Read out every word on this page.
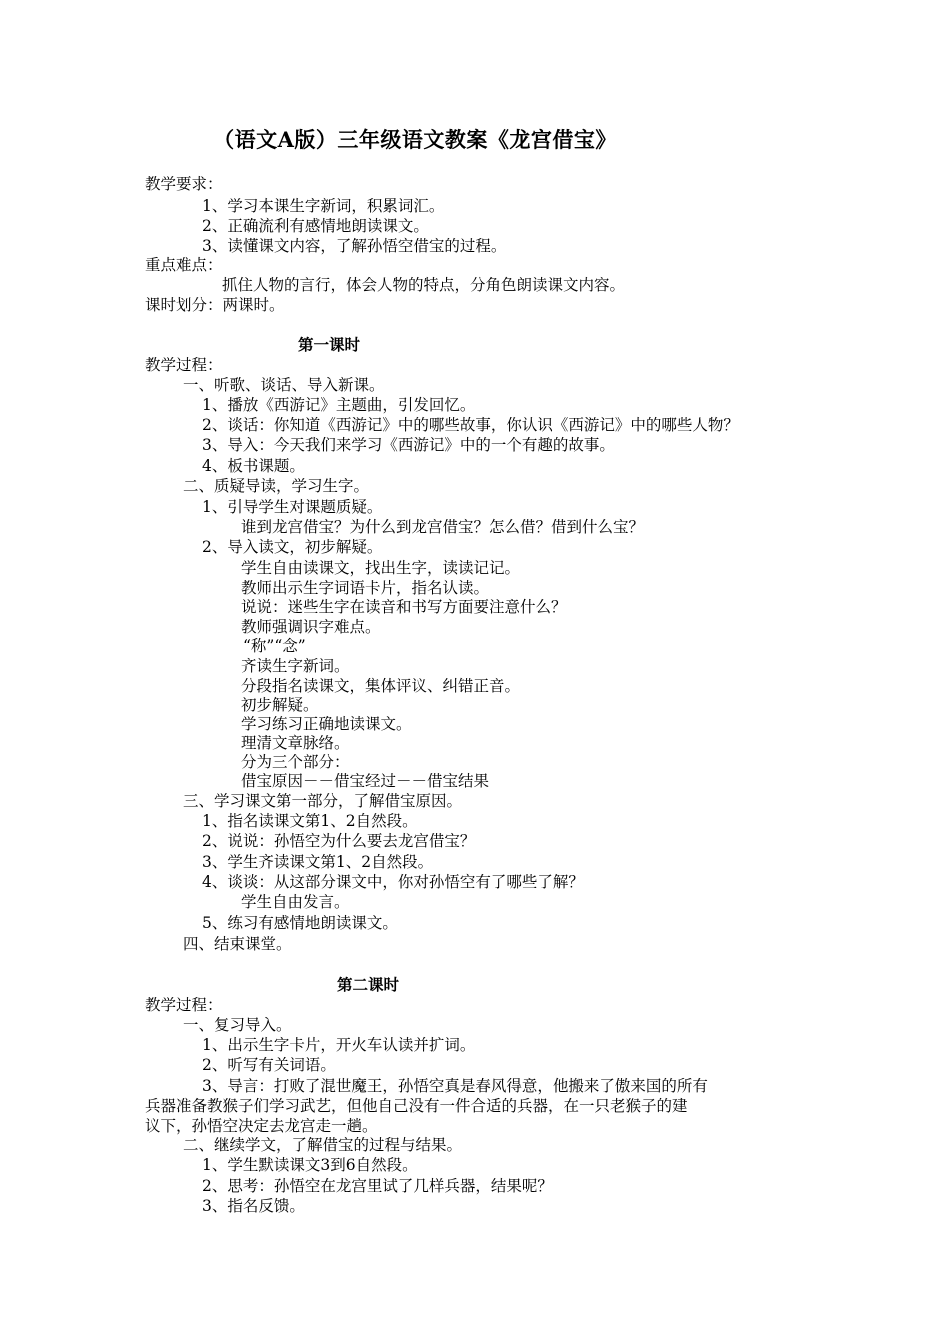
（语文A版）三年级语文教案《龙宫借宝》
教学要求：
1、学习本课生字新词，积累词汇。
2、正确流利有感情地朗读课文。
3、读懂课文内容，了解孙悟空借宝的过程。
重点难点：
抓住人物的言行，体会人物的特点，分角色朗读课文内容。
课时划分：两课时。
第一课时
教学过程：
一、听歌、谈话、导入新课。
1、播放《西游记》主题曲，引发回忆。
2、谈话：你知道《西游记》中的哪些故事，你认识《西游记》中的哪些人物？
3、导入：今天我们来学习《西游记》中的一个有趣的故事。
4、板书课题。
二、质疑导读，学习生字。
1、引导学生对课题质疑。
谁到龙宫借宝？为什么到龙宫借宝？怎么借？借到什么宝？
2、导入读文，初步解疑。
学生自由读课文，找出生字，读读记记。
教师出示生字词语卡片，指名认读。
说说：迷些生字在读音和书写方面要注意什么？
教师强调识字难点。
“称”“念”
齐读生字新词。
分段指名读课文，集体评议、纠错正音。
初步解疑。
学习练习正确地读课文。
理清文章脉络。
分为三个部分：
借宝原因－－借宝经过－－借宝结果
三、学习课文第一部分，了解借宝原因。
1、指名读课文第1、2自然段。
2、说说：孙悟空为什么要去龙宫借宝？
3、学生齐读课文第1、2自然段。
4、谈谈：从这部分课文中，你对孙悟空有了哪些了解？
学生自由发言。
5、练习有感情地朗读课文。
四、结束课堂。
第二课时
教学过程：
一、复习导入。
1、出示生字卡片，开火车认读并扩词。
2、听写有关词语。
3、导言：打败了混世魔王，孙悟空真是春风得意，他搬来了傲来国的所有
兵器准备教猴子们学习武艺，但他自己没有一件合适的兵器，在一只老猴子的建
议下，孙悟空决定去龙宫走一趟。
二、继续学文，了解借宝的过程与结果。
1、学生默读课文3到6自然段。
2、思考：孙悟空在龙宫里试了几样兵器，结果呢？
3、指名反馈。
